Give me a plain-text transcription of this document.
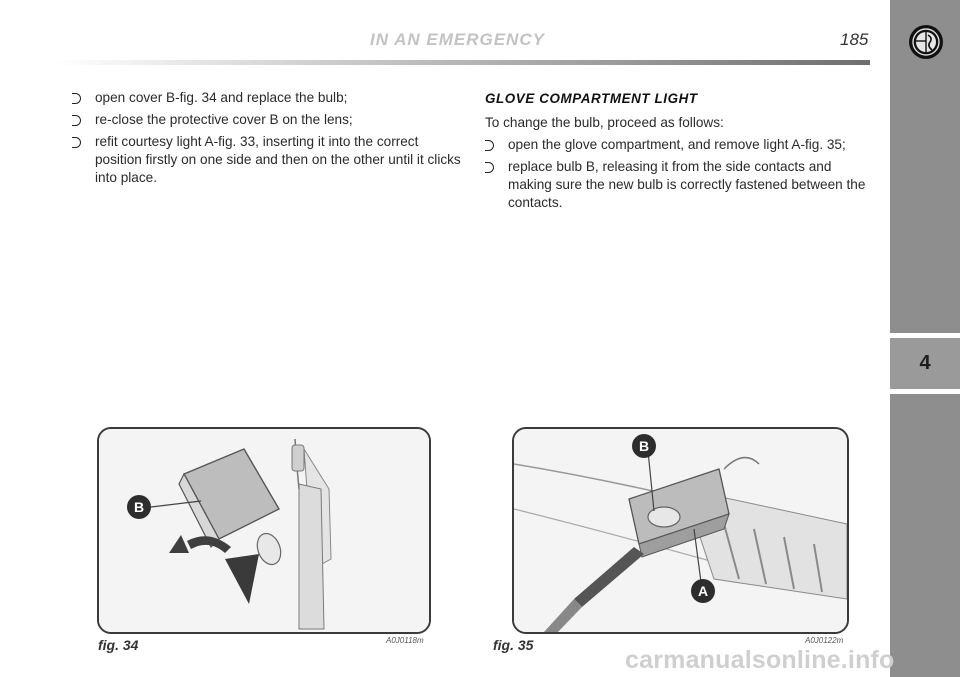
IN AN EMERGENCY	185
4
open cover B-fig. 34 and replace the bulb;
re-close the protective cover B on the lens;
refit courtesy light A-fig. 33, inserting it into the correct position firstly on one side and then on the other until it clicks into place.
GLOVE COMPARTMENT LIGHT
To change the bulb, proceed as follows:
open the glove compartment, and remove light A-fig. 35;
replace bulb B, releasing it from the side contacts and making sure the new bulb is correctly fastened between the contacts.
B
fig. 34	A0J0118m
B
A
fig. 35	A0J0122m
carmanualsonline.info
